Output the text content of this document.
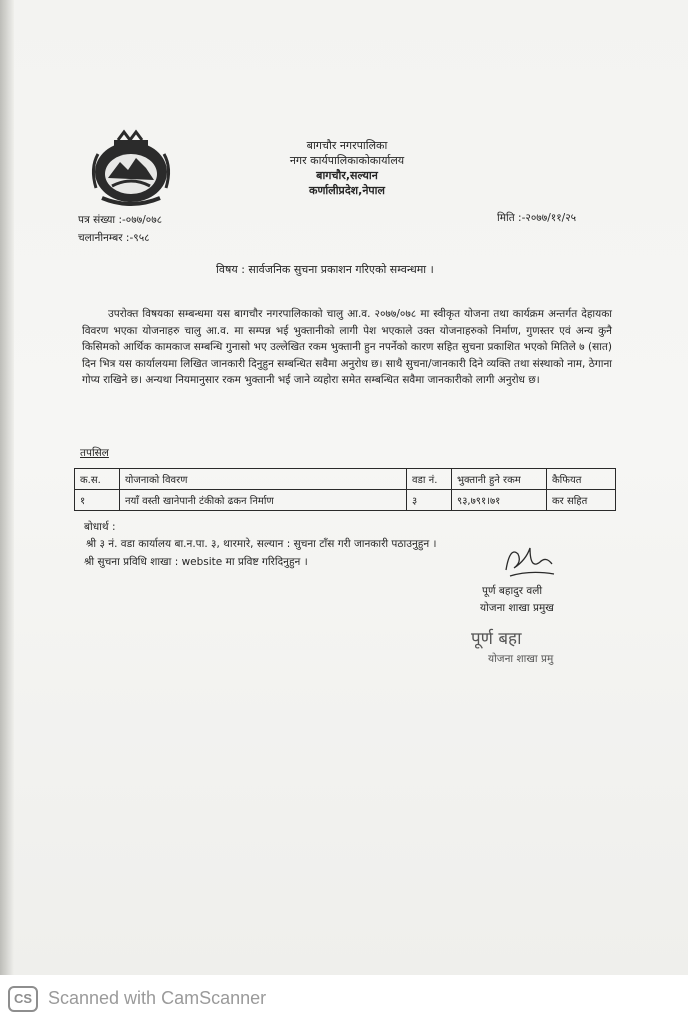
बागचौर नगरपालिका
नगर कार्यपालिकाकोकार्यालय
बागचौर,सल्यान
कर्णालीप्रदेश,नेपाल
पत्र संख्या :-०७७/०७८
चलानीनम्बर :-९५८
मिति :-२०७७/११/२५
विषय : सार्वजनिक सुचना प्रकाशन गरिएको सम्वन्धमा ।
उपरोक्त विषयका सम्बन्धमा यस बागचौर नगरपालिकाको चालु आ.व. २०७७/०७८ मा स्वीकृत योजना तथा कार्यक्रम अन्तर्गत देहायका विवरण भएका योजनाहरु चालु आ.व. मा सम्पन्न भई भुक्तानीको लागी पेश भएकाले उक्त योजनाहरुको निर्माण, गुणस्तर एवं अन्य कुनै किसिमको आर्थिक कामकाज सम्बन्धि गुनासो भए उल्लेखित रकम भुक्तानी हुन नपर्नेको कारण सहित सुचना प्रकाशित भएको मितिले ७ (सात) दिन भित्र यस कार्यालयमा लिखित जानकारी दिनुहुन सम्बन्धित सवैमा अनुरोध छ। साथै सुचना/जानकारी दिने व्यक्ति तथा संस्थाको नाम, ठेगाना गोप्य राखिने छ। अन्यथा नियमानुसार रकम भुक्तानी भई जाने व्यहोरा समेत सम्बन्धित सवैमा जानकारीको लागी अनुरोध छ।
तपसिल
क.स.	योजनाको विवरण	वडा नं.	भुक्तानी हुने रकम	कैफियत
१	नयाँ वस्ती खानेपानी टंकीको ढकन निर्माण	३	९३,७९१।७१	कर सहित
बोधार्थ :
श्री ३ नं. वडा कार्यालय बा.न.पा. ३, थारमारे, सल्यान : सुचना टाँस गरी जानकारी पठाउनुहुन ।
श्री सुचना प्रविधि शाखा : website मा प्रविष्ट गरिदिनुहुन ।
पूर्ण बहादुर वली
योजना शाखा प्रमुख
पूर्ण बहा
योजना शाखा प्रमु
CS Scanned with CamScanner
